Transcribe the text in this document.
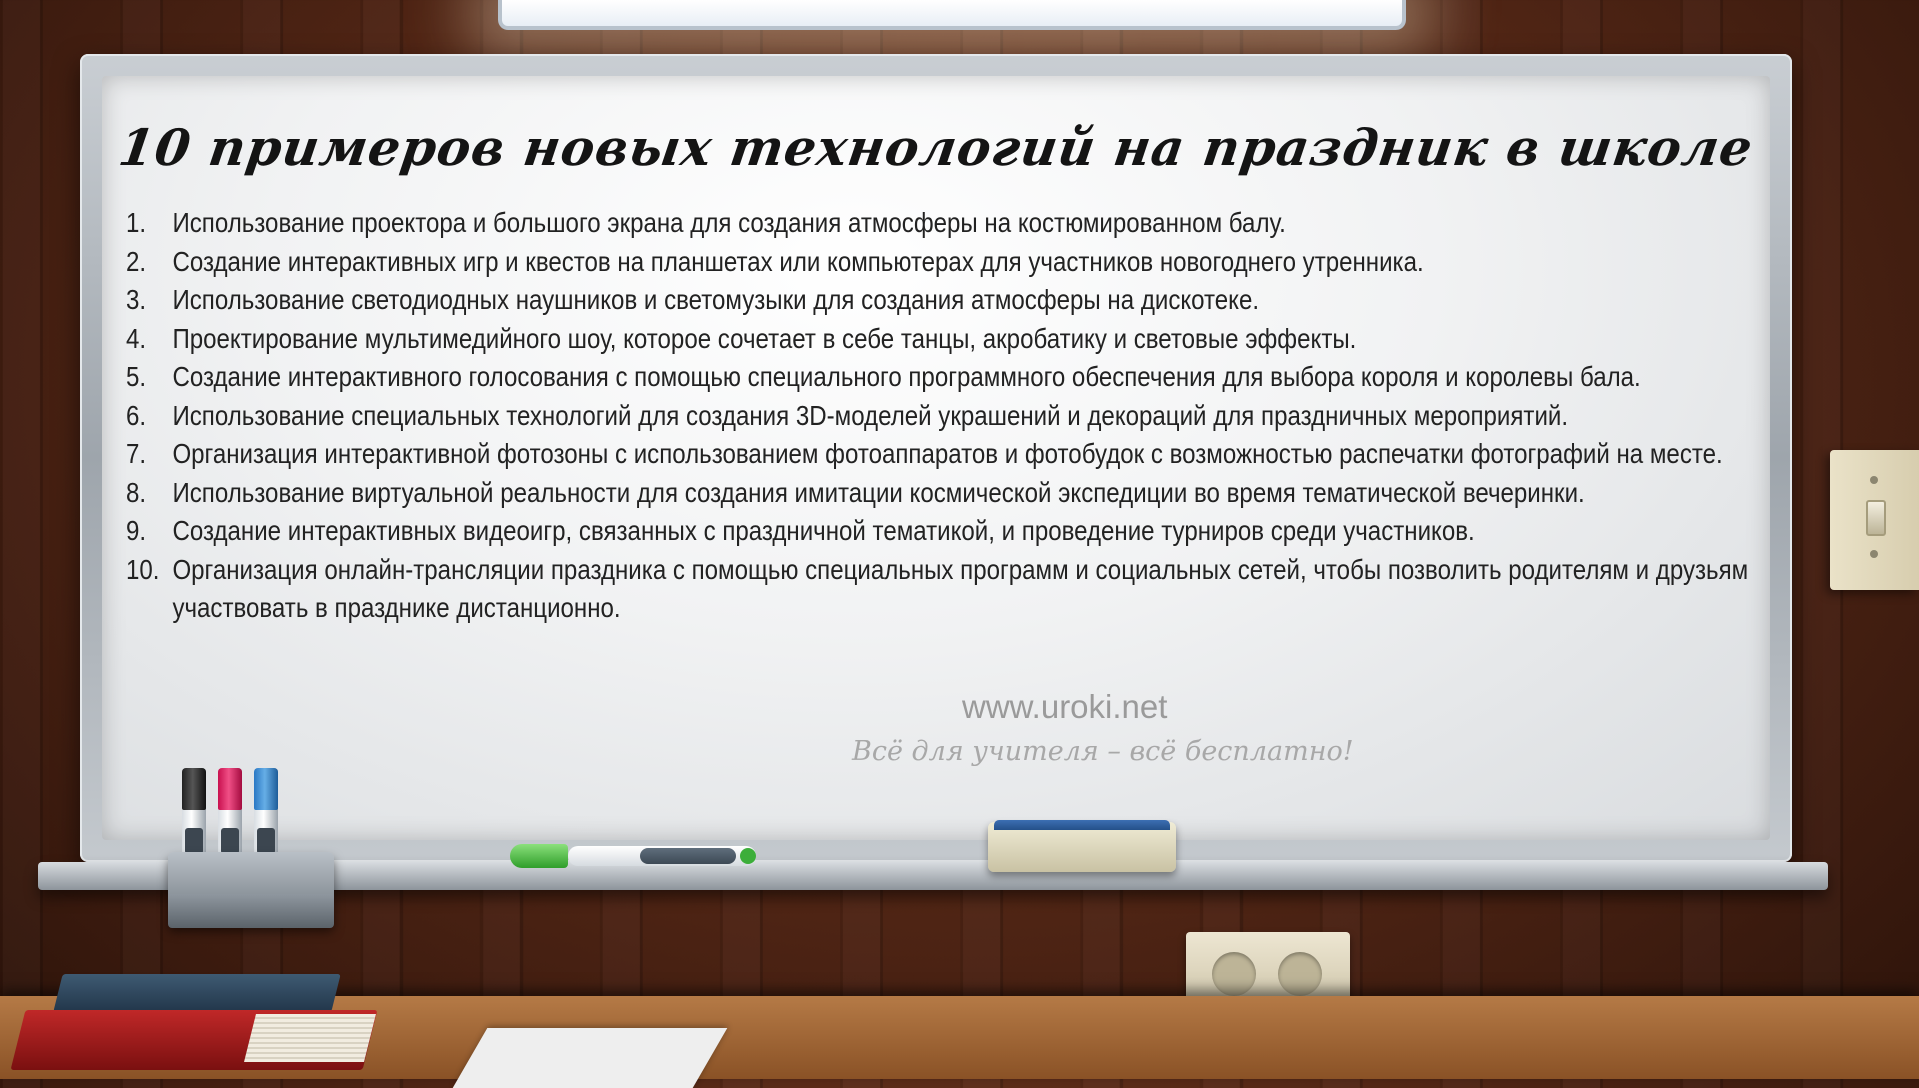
10 примеров новых технологий на праздник в школе
1. Использование проектора и большого экрана для создания атмосферы на костюмированном балу.
2. Создание интерактивных игр и квестов на планшетах или компьютерах для участников новогоднего утренника.
3. Использование светодиодных наушников и светомузыки для создания атмосферы на дискотеке.
4. Проектирование мультимедийного шоу, которое сочетает в себе танцы, акробатику и световые эффекты.
5. Создание интерактивного голосования с помощью специального программного обеспечения для выбора короля и королевы бала.
6. Использование специальных технологий для создания 3D-моделей украшений и декораций для праздничных мероприятий.
7. Организация интерактивной фотозоны с использованием фотоаппаратов и фотобудок с возможностью распечатки фотографий на месте.
8. Использование виртуальной реальности для создания имитации космической экспедиции во время тематической вечеринки.
9. Создание интерактивных видеоигр, связанных с праздничной тематикой, и проведение турниров среди участников.
10. Организация онлайн-трансляции праздника с помощью специальных программ и социальных сетей, чтобы позволить родителям и друзьям участвовать в празднике дистанционно.

www.uroki.net

Всё для учителя – всё бесплатно!
